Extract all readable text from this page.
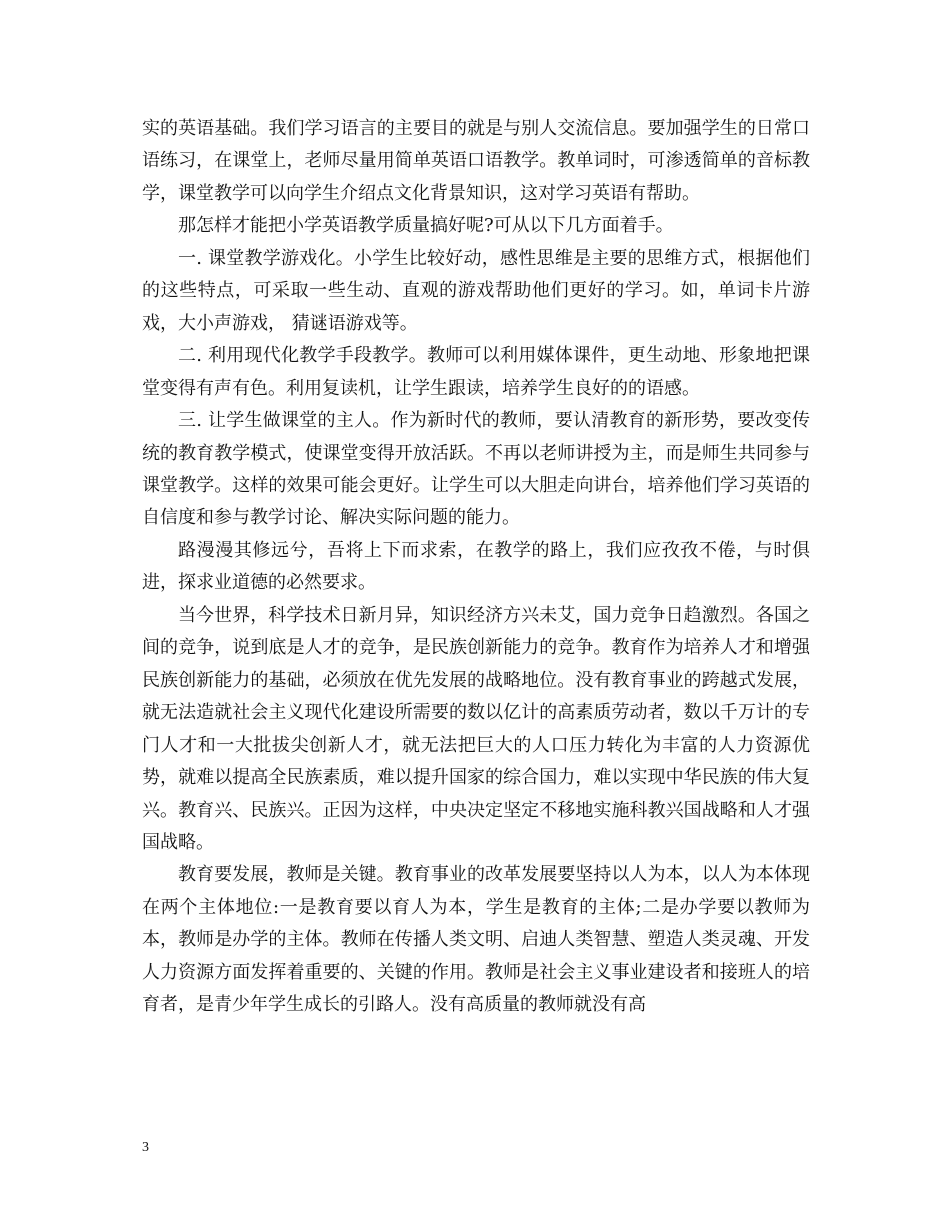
实的英语基础。我们学习语言的主要目的就是与别人交流信息。要加强学生的日常口语练习，在课堂上，老师尽量用简单英语口语教学。教单词时，可渗透简单的音标教学，课堂教学可以向学生介绍点文化背景知识，这对学习英语有帮助。

那怎样才能把小学英语教学质量搞好呢?可从以下几方面着手。

一. 课堂教学游戏化。小学生比较好动，感性思维是主要的思维方式，根据他们的这些特点，可采取一些生动、直观的游戏帮助他们更好的学习。如，单词卡片游戏，大小声游戏， 猜谜语游戏等。

二. 利用现代化教学手段教学。教师可以利用媒体课件，更生动地、形象地把课堂变得有声有色。利用复读机，让学生跟读，培养学生良好的的语感。

三. 让学生做课堂的主人。作为新时代的教师，要认清教育的新形势，要改变传统的教育教学模式，使课堂变得开放活跃。不再以老师讲授为主，而是师生共同参与课堂教学。这样的效果可能会更好。让学生可以大胆走向讲台，培养他们学习英语的自信度和参与教学讨论、解决实际问题的能力。

路漫漫其修远兮，吾将上下而求索，在教学的路上，我们应孜孜不倦，与时俱进，探求业道德的必然要求。

当今世界，科学技术日新月异，知识经济方兴未艾，国力竞争日趋激烈。各国之间的竞争，说到底是人才的竞争，是民族创新能力的竞争。教育作为培养人才和增强民族创新能力的基础，必须放在优先发展的战略地位。没有教育事业的跨越式发展，就无法造就社会主义现代化建设所需要的数以亿计的高素质劳动者，数以千万计的专门人才和一大批拔尖创新人才，就无法把巨大的人口压力转化为丰富的人力资源优势，就难以提高全民族素质，难以提升国家的综合国力，难以实现中华民族的伟大复兴。教育兴、民族兴。正因为这样，中央决定坚定不移地实施科教兴国战略和人才强国战略。

教育要发展，教师是关键。教育事业的改革发展要坚持以人为本，以人为本体现在两个主体地位:一是教育要以育人为本，学生是教育的主体;二是办学要以教师为本，教师是办学的主体。教师在传播人类文明、启迪人类智慧、塑造人类灵魂、开发人力资源方面发挥着重要的、关键的作用。教师是社会主义事业建设者和接班人的培育者，是青少年学生成长的引路人。没有高质量的教师就没有高

3
